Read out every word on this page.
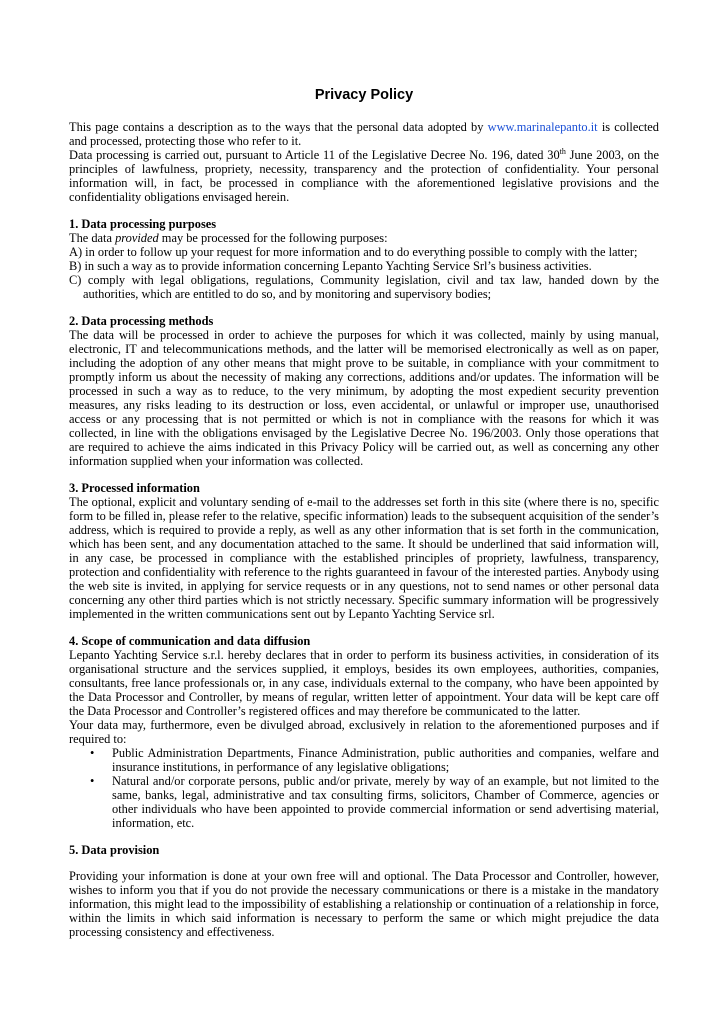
Privacy Policy

This page contains a description as to the ways that the personal data adopted by www.marinalepanto.it is collected and processed, protecting those who refer to it.

Data processing is carried out, pursuant to Article 11 of the Legislative Decree No. 196, dated 30th June 2003, on the principles of lawfulness, propriety, necessity, transparency and the protection of confidentiality. Your personal information will, in fact, be processed in compliance with the aforementioned legislative provisions and the confidentiality obligations envisaged herein.

1. Data processing purposes

The data provided may be processed for the following purposes:

A) in order to follow up your request for more information and to do everything possible to comply with the latter;
B) in such a way as to provide information concerning Lepanto Yachting Service Srl’s business activities.
C) comply with legal obligations, regulations, Community legislation, civil and tax law, handed down by the authorities, which are entitled to do so, and by monitoring and supervisory bodies;

2. Data processing methods

The data will be processed in order to achieve the purposes for which it was collected, mainly by using manual, electronic, IT and telecommunications methods, and the latter will be memorised electronically as well as on paper, including the adoption of any other means that might prove to be suitable, in compliance with your commitment to promptly inform us about the necessity of making any corrections, additions and/or updates. The information will be processed in such a way as to reduce, to the very minimum, by adopting the most expedient security prevention measures, any risks leading to its destruction or loss, even accidental, or unlawful or improper use, unauthorised access or any processing that is not permitted or which is not in compliance with the reasons for which it was collected, in line with the obligations envisaged by the Legislative Decree No. 196/2003. Only those operations that are required to achieve the aims indicated in this Privacy Policy will be carried out, as well as concerning any other information supplied when your information was collected.

3. Processed information

The optional, explicit and voluntary sending of e-mail to the addresses set forth in this site (where there is no, specific form to be filled in, please refer to the relative, specific information) leads to the subsequent acquisition of the sender’s address, which is required to provide a reply, as well as any other information that is set forth in the communication, which has been sent, and any documentation attached to the same. It should be underlined that said information will, in any case, be processed in compliance with the established principles of propriety, lawfulness, transparency, protection and confidentiality with reference to the rights guaranteed in favour of the interested parties. Anybody using the web site is invited, in applying for service requests or in any questions, not to send names or other personal data concerning any other third parties which is not strictly necessary. Specific summary information will be progressively implemented in the written communications sent out by Lepanto Yachting Service srl.

4. Scope of communication and data diffusion

Lepanto Yachting Service s.r.l. hereby declares that in order to perform its business activities, in consideration of its organisational structure and the services supplied, it employs, besides its own employees, authorities, companies, consultants, free lance professionals or, in any case, individuals external to the company, who have been appointed by the Data Processor and Controller, by means of regular, written letter of appointment. Your data will be kept care off the Data Processor and Controller’s registered offices and may therefore be communicated to the latter.

Your data may, furthermore, even be divulged abroad, exclusively in relation to the aforementioned purposes and if required to:

• Public Administration Departments, Finance Administration, public authorities and companies, welfare and insurance institutions, in performance of any legislative obligations;
• Natural and/or corporate persons, public and/or private, merely by way of an example, but not limited to the same, banks, legal, administrative and tax consulting firms, solicitors, Chamber of Commerce, agencies or other individuals who have been appointed to provide commercial information or send advertising material, information, etc.

5. Data provision

Providing your information is done at your own free will and optional. The Data Processor and Controller, however, wishes to inform you that if you do not provide the necessary communications or there is a mistake in the mandatory information, this might lead to the impossibility of establishing a relationship or continuation of a relationship in force, within the limits in which said information is necessary to perform the same or which might prejudice the data processing consistency and effectiveness.
